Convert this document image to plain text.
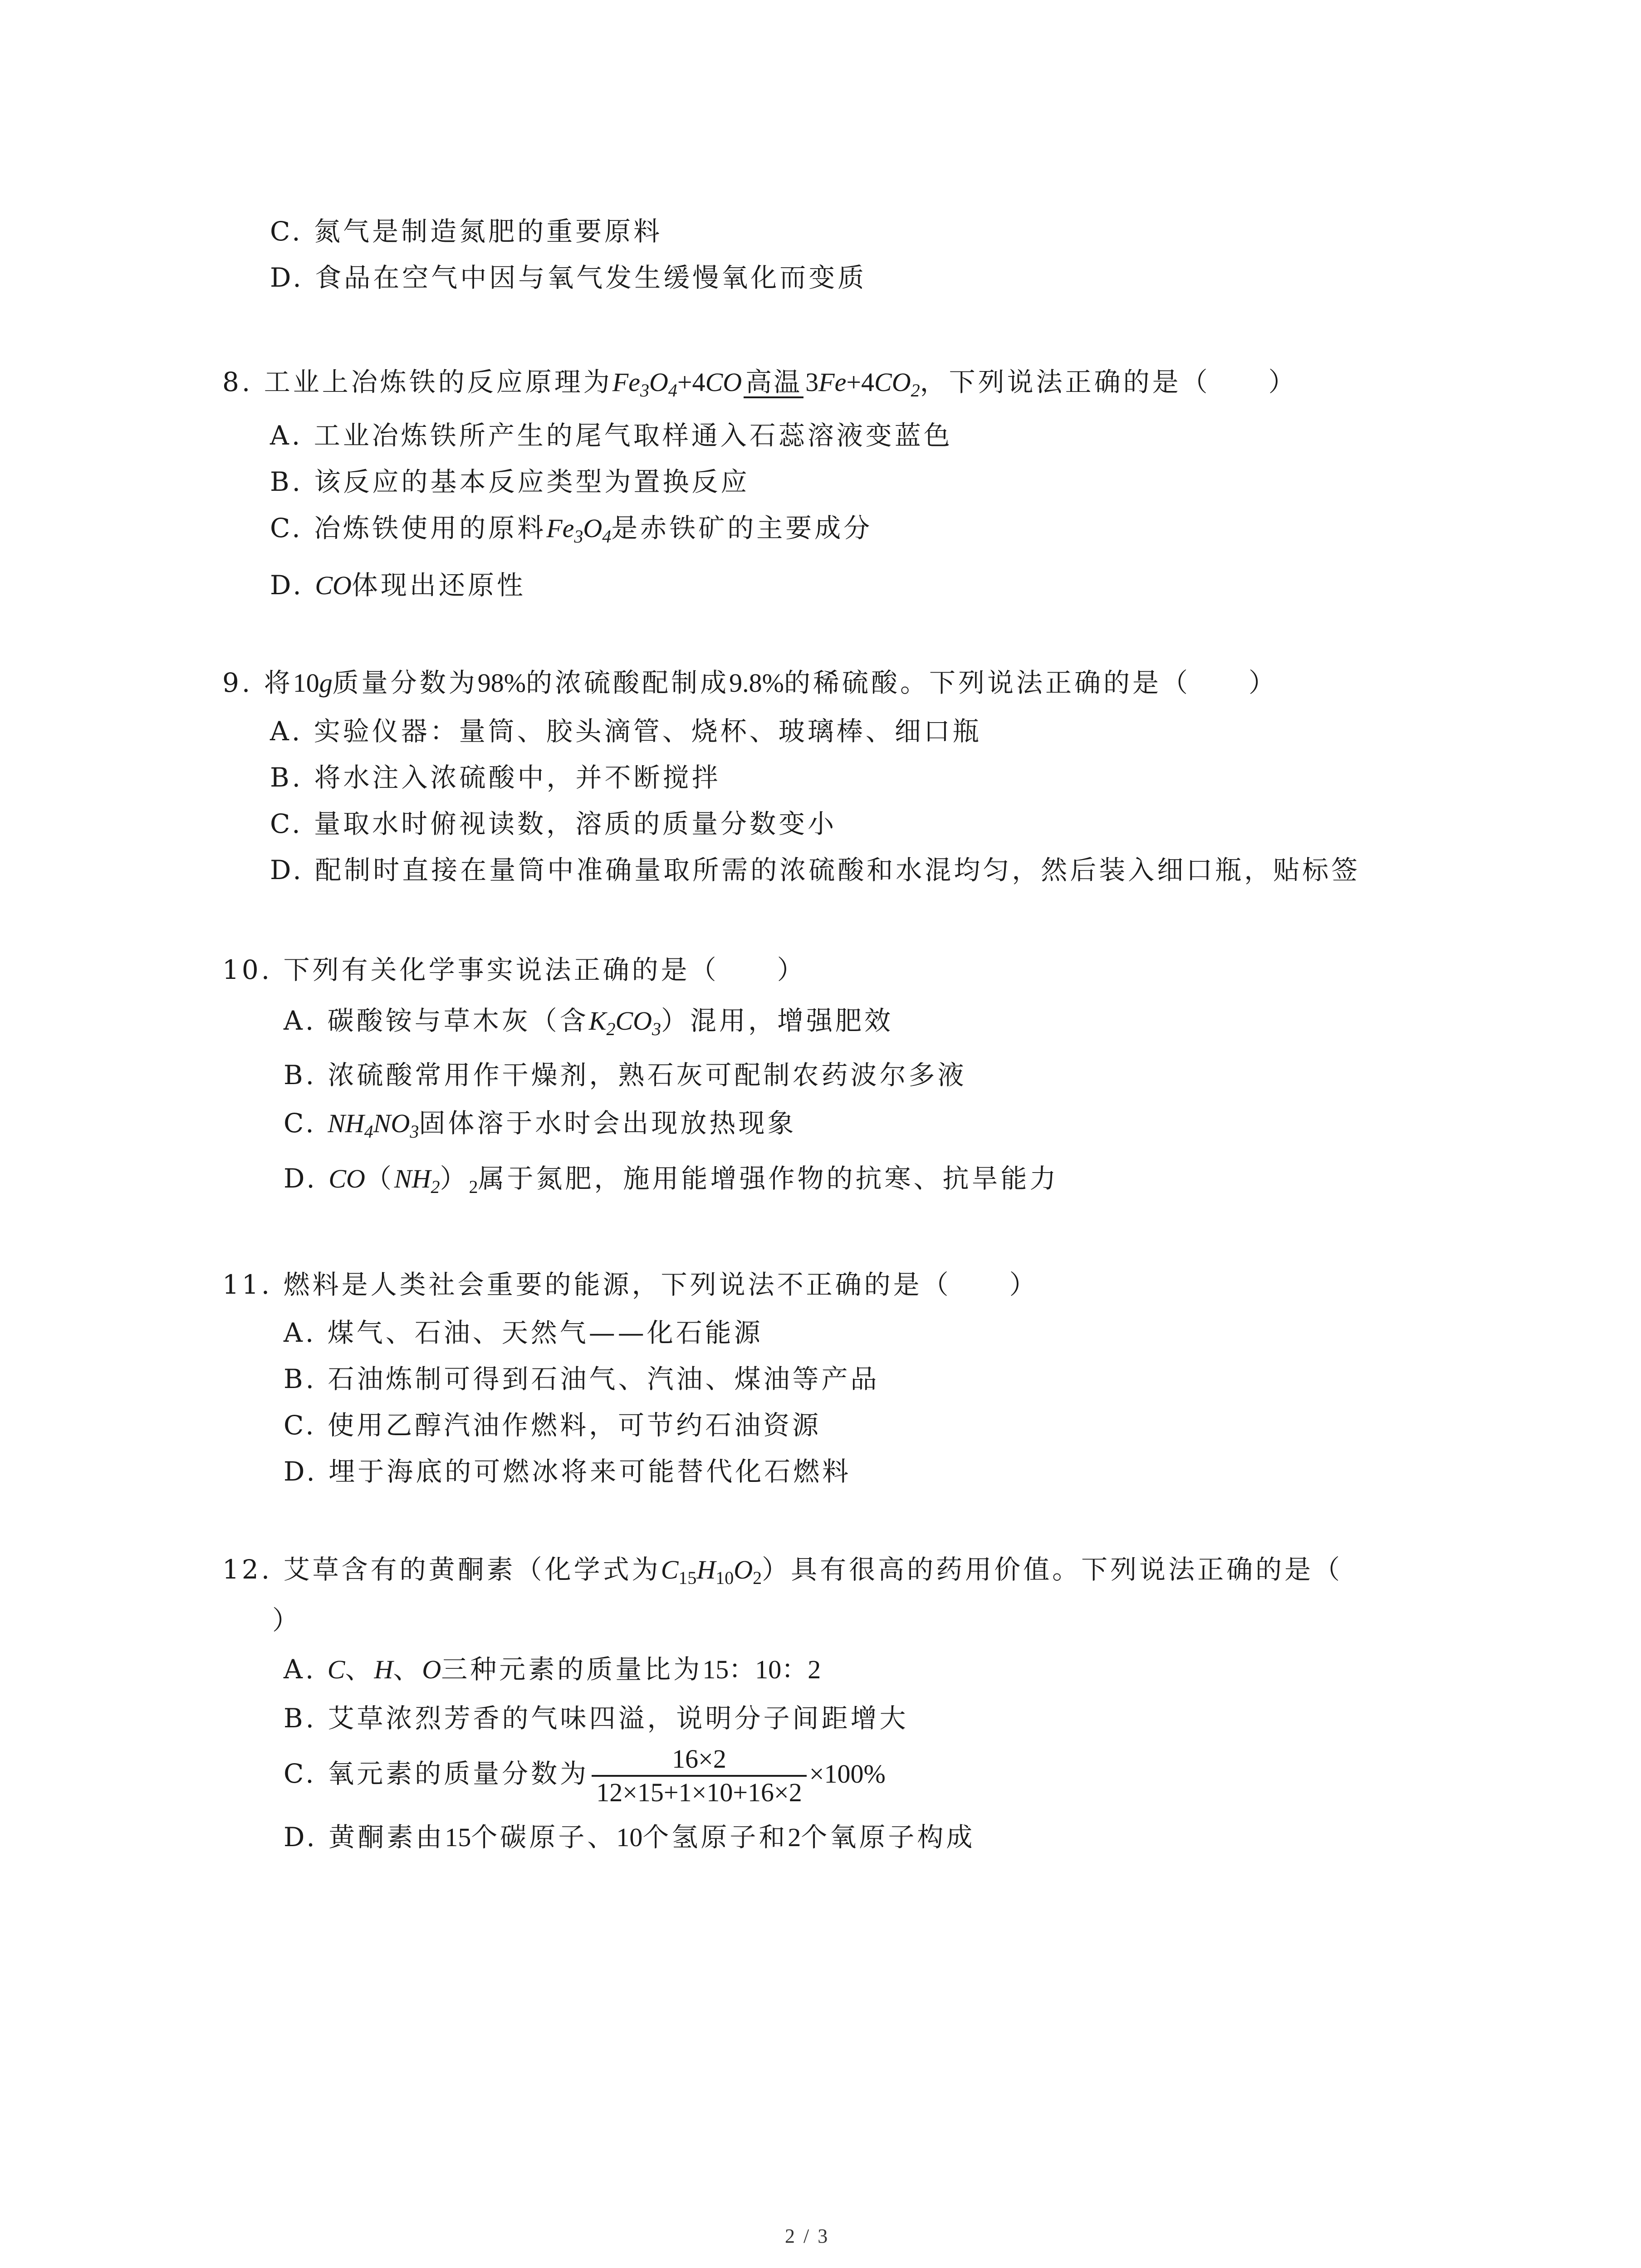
C. 氮气是制造氮肥的重要原料
D. 食品在空气中因与氧气发生缓慢氧化而变质
8. 工业上冶炼铁的反应原理为$Fe_3O_4+4CO$ 高温 $3Fe+4CO_2$，下列说法正确的是（　　）
A. 工业冶炼铁所产生的尾气取样通入石蕊溶液变蓝色
B. 该反应的基本反应类型为置换反应
C. 冶炼铁使用的原料$Fe_3O_4$是赤铁矿的主要成分
D. CO体现出还原性
9. 将10g质量分数为98%的浓硫酸配制成9.8%的稀硫酸。下列说法正确的是（　　）
A. 实验仪器：量筒、胶头滴管、烧杯、玻璃棒、细口瓶
B. 将水注入浓硫酸中，并不断搅拌
C. 量取水时俯视读数，溶质的质量分数变小
D. 配制时直接在量筒中准确量取所需的浓硫酸和水混均匀，然后装入细口瓶，贴标签
10. 下列有关化学事实说法正确的是（　　）
A. 碳酸铵与草木灰（含$K_2CO_3$）混用，增强肥效
B. 浓硫酸常用作干燥剂，熟石灰可配制农药波尔多液
C. $NH_4NO_3$固体溶于水时会出现放热现象
D. $CO(NH_2)_2$属于氮肥，施用能增强作物的抗寒、抗旱能力
11. 燃料是人类社会重要的能源，下列说法不正确的是（　　）
A. 煤气、石油、天然气——化石能源
B. 石油炼制可得到石油气、汽油、煤油等产品
C. 使用乙醇汽油作燃料，可节约石油资源
D. 埋于海底的可燃冰将来可能替代化石燃料
12. 艾草含有的黄酮素（化学式为$C_{15}H_{10}O_2$）具有很高的药用价值。下列说法正确的是（
）
A. C、H、O三种元素的质量比为15：10：2
B. 艾草浓烈芳香的气味四溢，说明分子间距增大
C. 氧元素的质量分数为 $\frac{16\times 2}{12\times 15+1\times 10+16\times 2} \times 100\%$
D. 黄酮素由15个碳原子、10个氢原子和2个氧原子构成
2 / 3
